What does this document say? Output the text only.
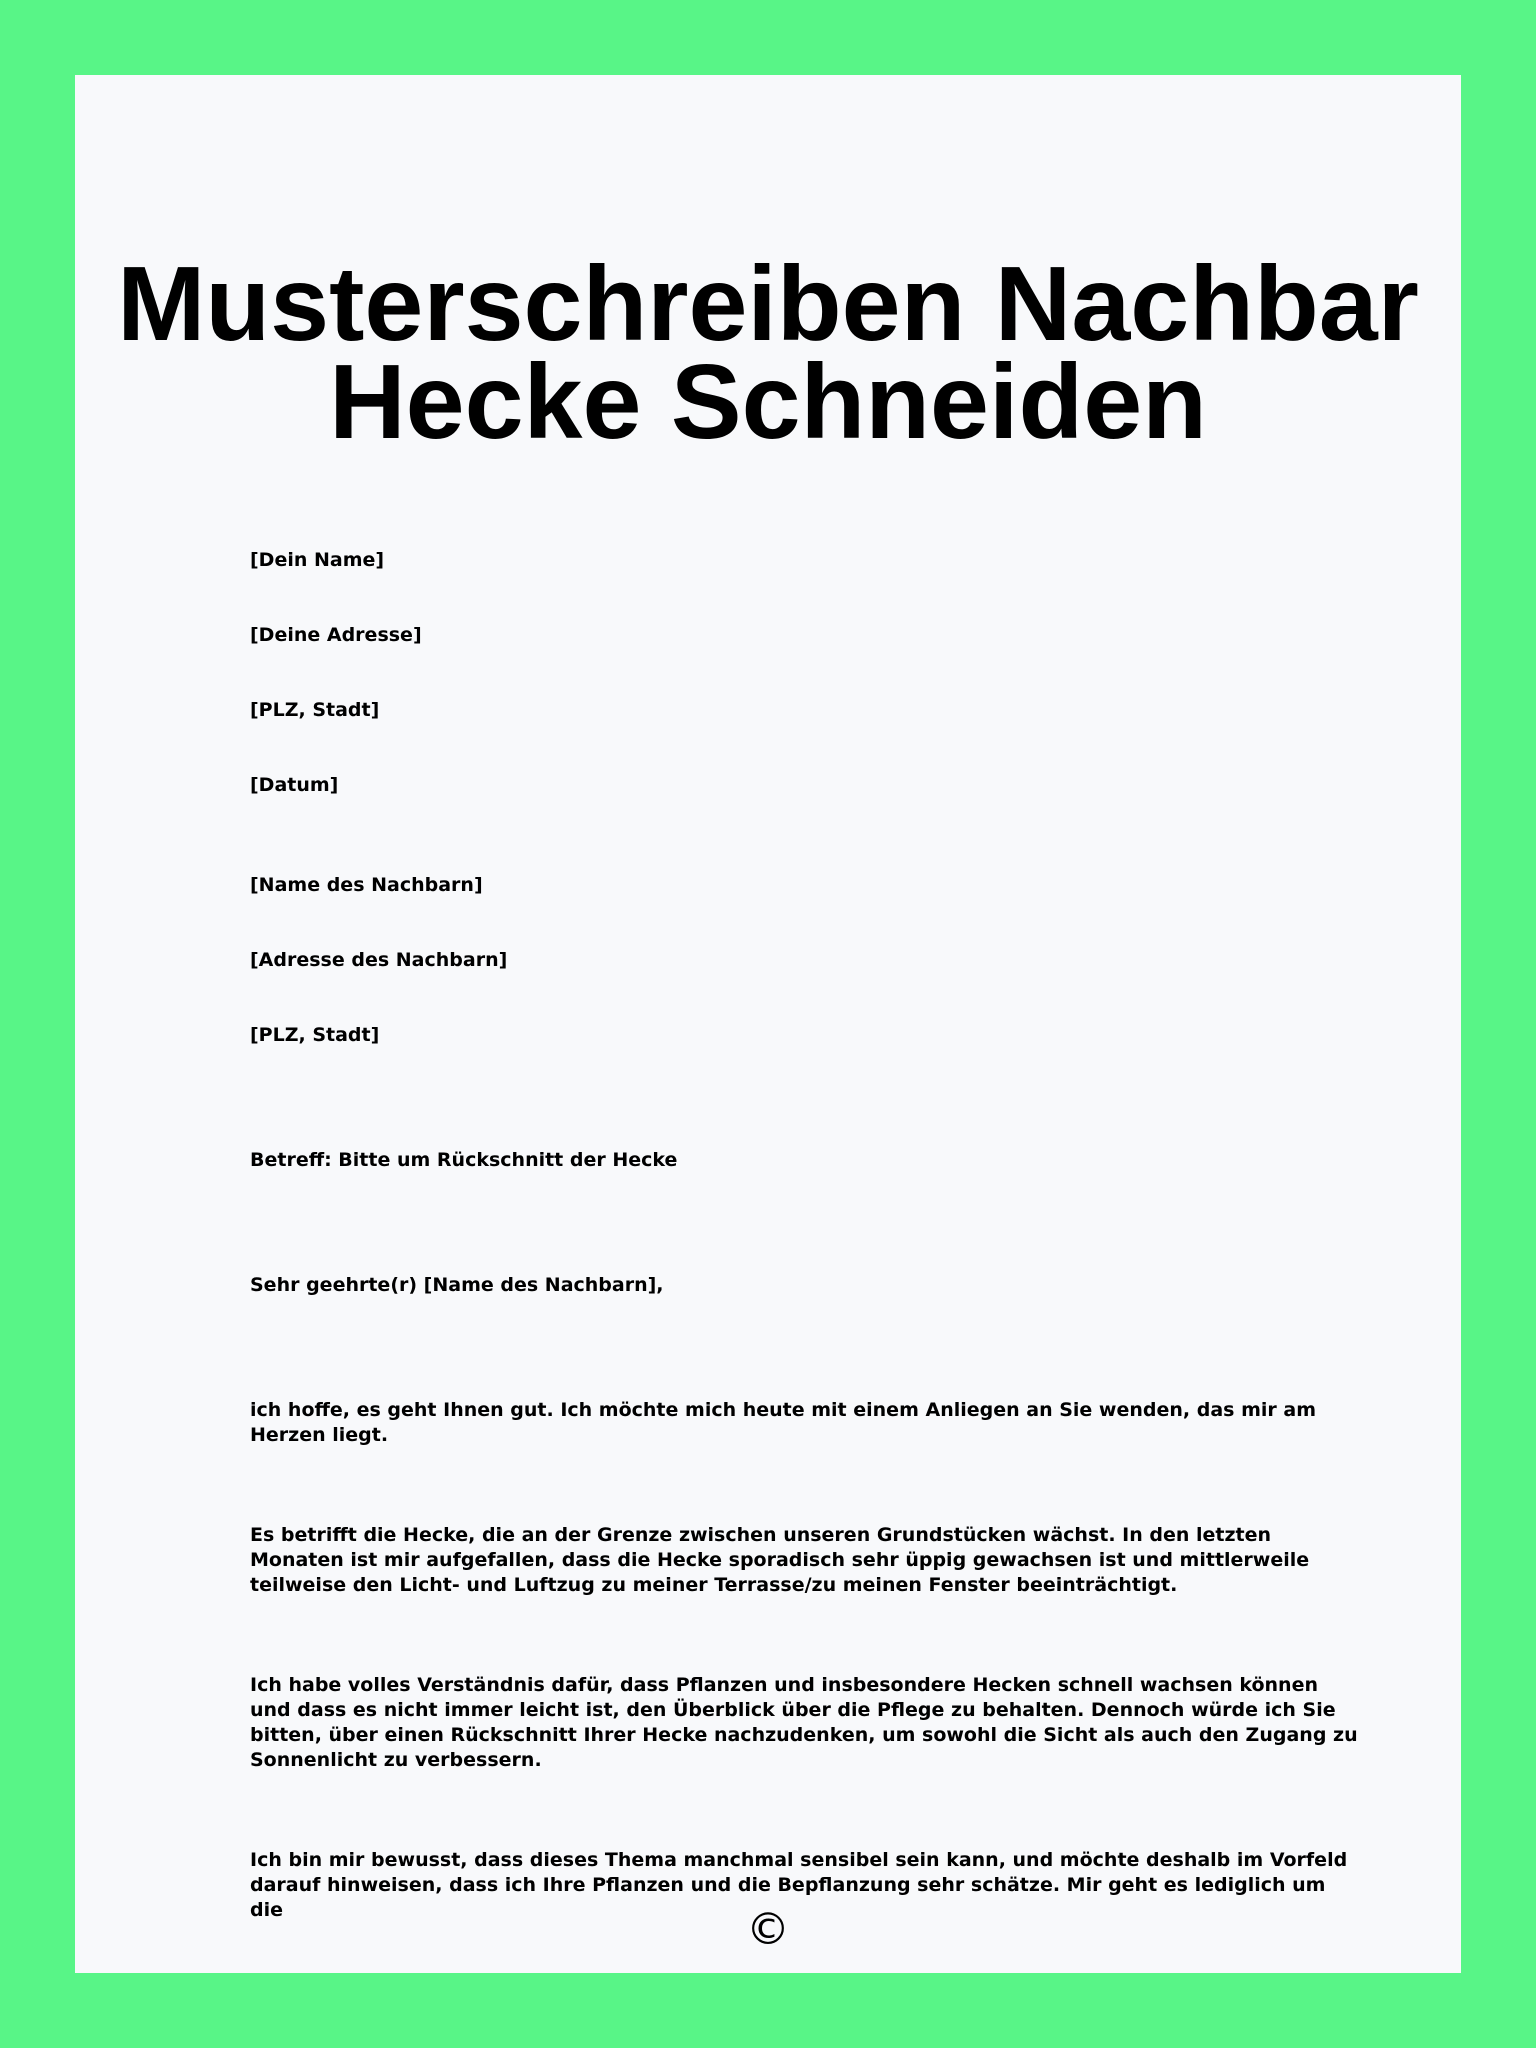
Musterschreiben Nachbar
Hecke Schneiden

[Dein Name]

[Deine Adresse]

[PLZ, Stadt]

[Datum]

[Name des Nachbarn]

[Adresse des Nachbarn]

[PLZ, Stadt]

Betreff: Bitte um Rückschnitt der Hecke

Sehr geehrte(r) [Name des Nachbarn],

ich hoffe, es geht Ihnen gut. Ich möchte mich heute mit einem Anliegen an Sie wenden, das mir am Herzen liegt.

Es betrifft die Hecke, die an der Grenze zwischen unseren Grundstücken wächst. In den letzten Monaten ist mir aufgefallen, dass die Hecke sporadisch sehr üppig gewachsen ist und mittlerweile teilweise den Licht- und Luftzug zu meiner Terrasse/zu meinen Fenster beeinträchtigt.

Ich habe volles Verständnis dafür, dass Pflanzen und insbesondere Hecken schnell wachsen können und dass es nicht immer leicht ist, den Überblick über die Pflege zu behalten. Dennoch würde ich Sie bitten, über einen Rückschnitt Ihrer Hecke nachzudenken, um sowohl die Sicht als auch den Zugang zu Sonnenlicht zu verbessern.

Ich bin mir bewusst, dass dieses Thema manchmal sensibel sein kann, und möchte deshalb im Vorfeld darauf hinweisen, dass ich Ihre Pflanzen und die Bepflanzung sehr schätze. Mir geht es lediglich um die	©
